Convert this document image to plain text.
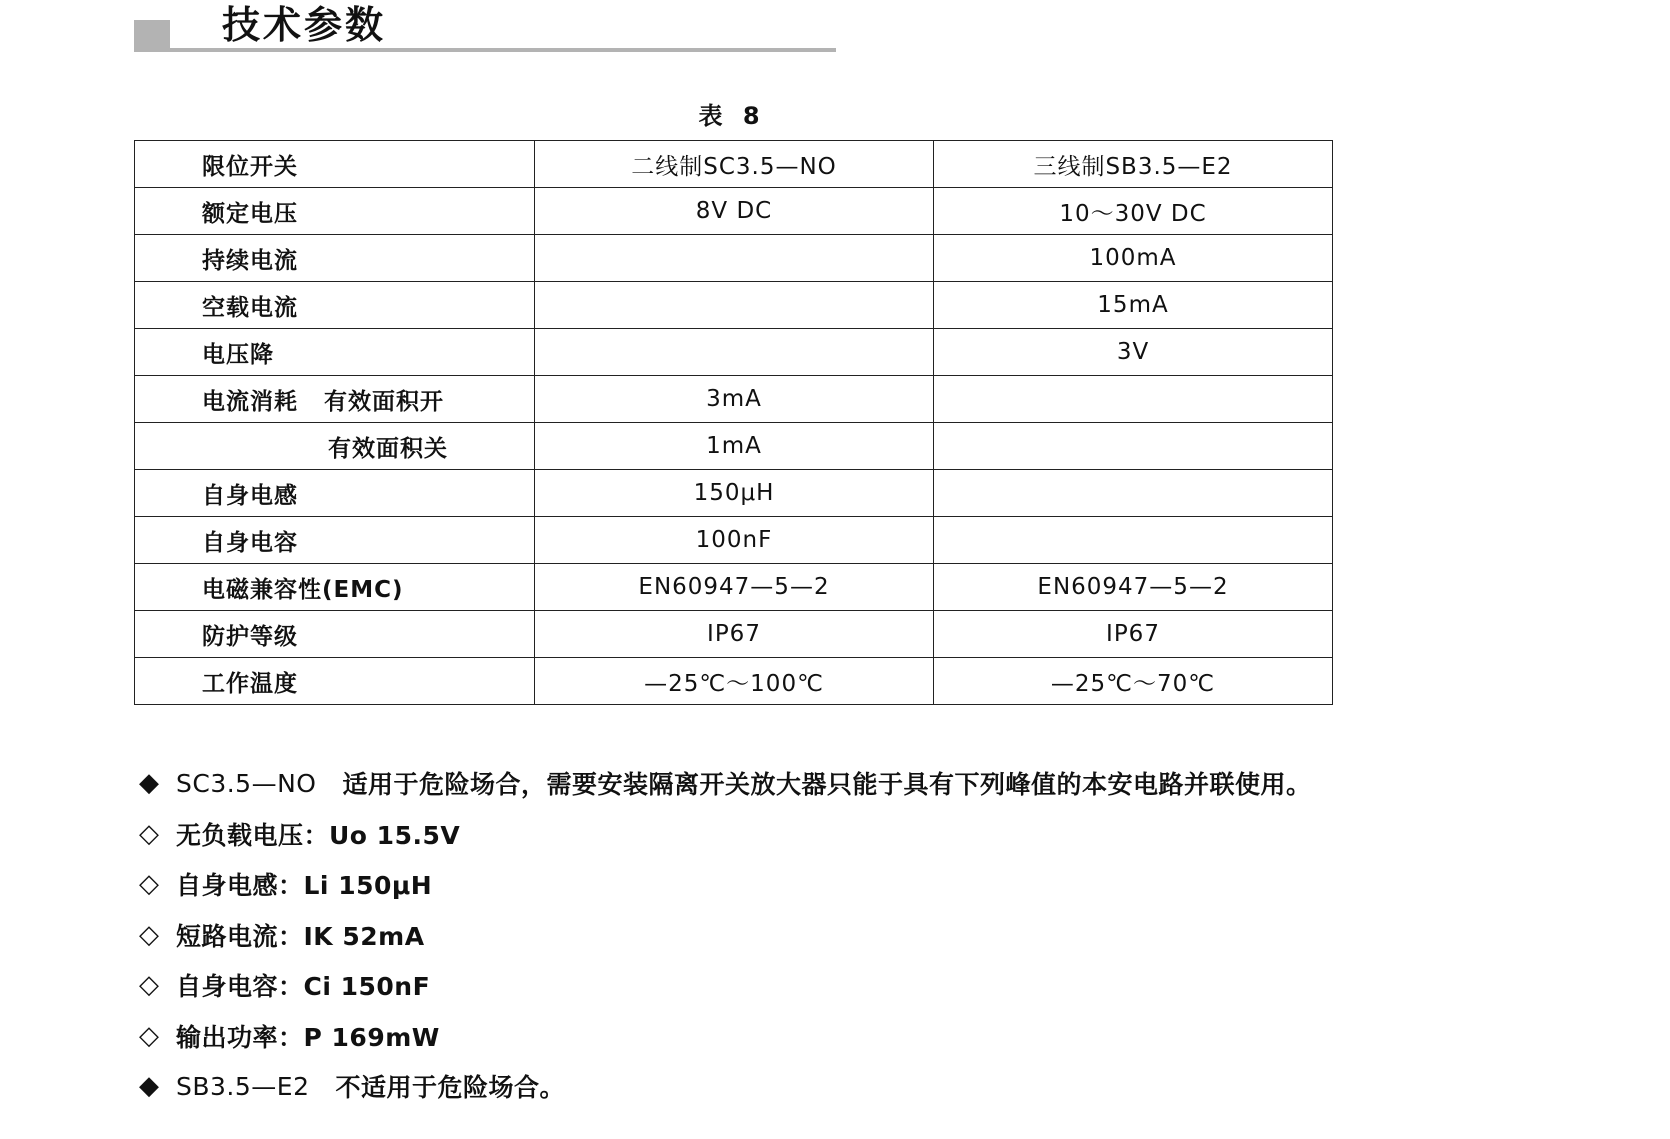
技术参数
表 8
限位开关	二线制SC3.5—NO	三线制SB3.5—E2
额定电压	8V DC	10～30V DC
持续电流		100mA
空载电流		15mA
电压降		3V
电流消耗 有效面积开	3mA	
有效面积关	1mA	
自身电感	150μH	
自身电容	100nF	
电磁兼容性(EMC)	EN60947—5—2	EN60947—5—2
防护等级	IP67	IP67
工作温度	—25℃～100℃	—25℃～70℃
◆ SC3.5—NO 适用于危险场合，需要安装隔离开关放大器只能于具有下列峰值的本安电路并联使用。
◇ 无负载电压：Uo 15.5V
◇ 自身电感：Li 150μH
◇ 短路电流：IK 52mA
◇ 自身电容：Ci 150nF
◇ 输出功率：P 169mW
◆ SB3.5—E2 不适用于危险场合。
